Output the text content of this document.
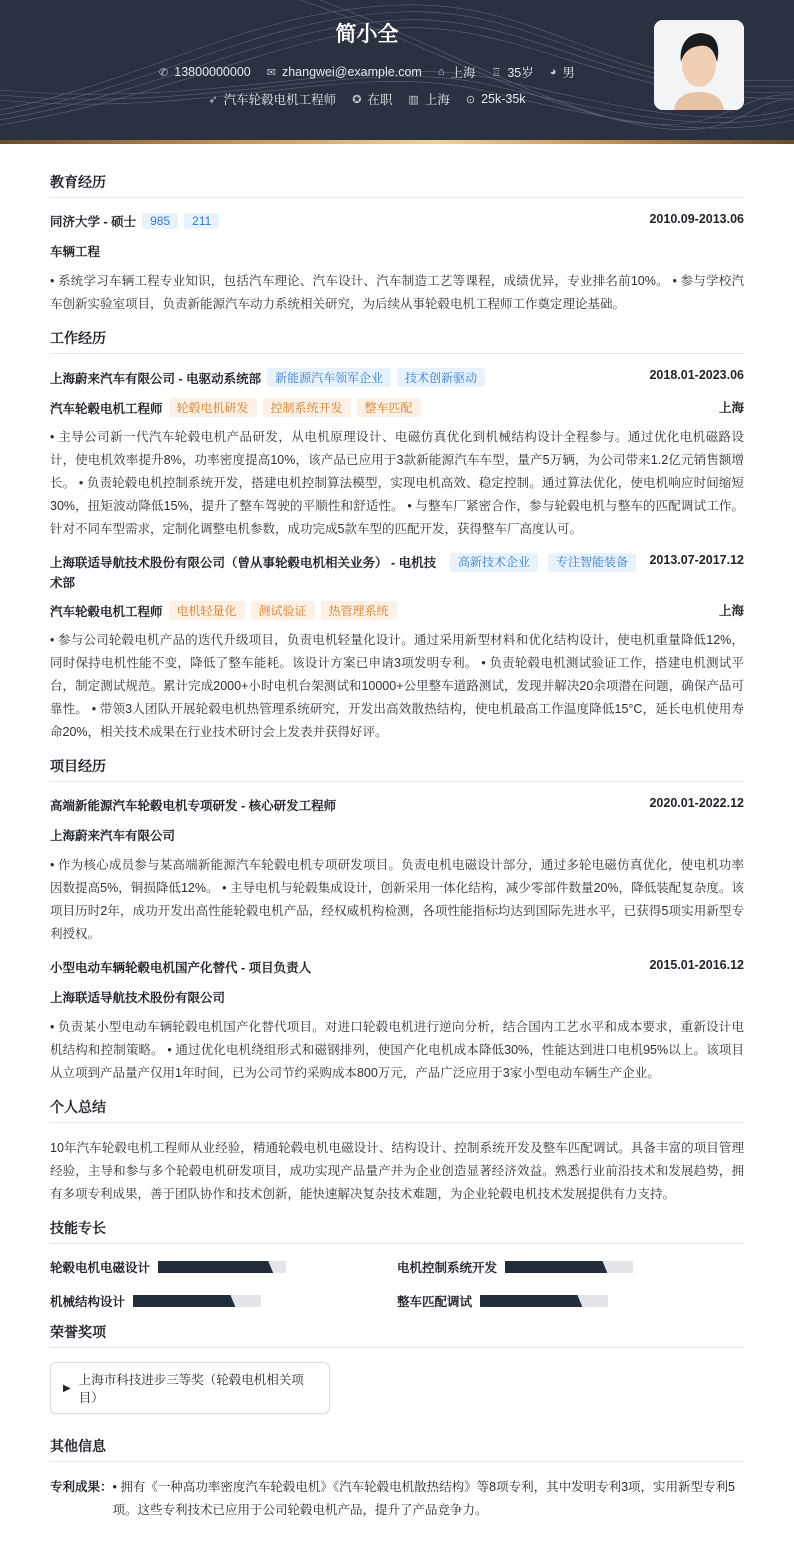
简小全
✆ 13800000000 ✉ zhangwei@example.com ⌂ 上海 ♖ 35岁 ◕ 男
➶ 汽车轮毂电机工程师 ✪ 在职 ▥ 上海 ⊙ 25k-35k
教育经历
同济大学 - 硕士	985	211	2010.09-2013.06
车辆工程
• 系统学习车辆工程专业知识，包括汽车理论、汽车设计、汽车制造工艺等课程，成绩优异，专业排名前10%。 • 参与学校汽车创新实验室项目，负责新能源汽车动力系统相关研究，为后续从事轮毂电机工程师工作奠定理论基础。
工作经历
上海蔚来汽车有限公司 - 电驱动系统部	新能源汽车领军企业	技术创新驱动	2018.01-2023.06
汽车轮毂电机工程师	轮毂电机研发	控制系统开发	整车匹配	上海
• 主导公司新一代汽车轮毂电机产品研发，从电机原理设计、电磁仿真优化到机械结构设计全程参与。通过优化电机磁路设计，使电机效率提升8%，功率密度提高10%，该产品已应用于3款新能源汽车车型，量产5万辆，为公司带来1.2亿元销售额增长。 • 负责轮毂电机控制系统开发，搭建电机控制算法模型，实现电机高效、稳定控制。通过算法优化，使电机响应时间缩短30%，扭矩波动降低15%，提升了整车驾驶的平顺性和舒适性。 • 与整车厂紧密合作，参与轮毂电机与整车的匹配调试工作。针对不同车型需求，定制化调整电机参数，成功完成5款车型的匹配开发，获得整车厂高度认可。
上海联适导航技术股份有限公司（曾从事轮毂电机相关业务） - 电机技术部
高新技术企业	专注智能装备	2013.07-2017.12
汽车轮毂电机工程师	电机轻量化	测试验证	热管理系统	上海
• 参与公司轮毂电机产品的迭代升级项目，负责电机轻量化设计。通过采用新型材料和优化结构设计，使电机重量降低12%，同时保持电机性能不变，降低了整车能耗。该设计方案已申请3项发明专利。 • 负责轮毂电机测试验证工作，搭建电机测试平台，制定测试规范。累计完成2000+小时电机台架测试和10000+公里整车道路测试，发现并解决20余项潜在问题，确保产品可靠性。 • 带领3人团队开展轮毂电机热管理系统研究，开发出高效散热结构，使电机最高工作温度降低15°C，延长电机使用寿命20%，相关技术成果在行业技术研讨会上发表并获得好评。
项目经历
高端新能源汽车轮毂电机专项研发 - 核心研发工程师	2020.01-2022.12
上海蔚来汽车有限公司
• 作为核心成员参与某高端新能源汽车轮毂电机专项研发项目。负责电机电磁设计部分，通过多轮电磁仿真优化，使电机功率因数提高5%，铜损降低12%。 • 主导电机与轮毂集成设计，创新采用一体化结构，减少零部件数量20%，降低装配复杂度。该项目历时2年，成功开发出高性能轮毂电机产品，经权威机构检测，各项性能指标均达到国际先进水平，已获得5项实用新型专利授权。
小型电动车辆轮毂电机国产化替代 - 项目负责人	2015.01-2016.12
上海联适导航技术股份有限公司
• 负责某小型电动车辆轮毂电机国产化替代项目。对进口轮毂电机进行逆向分析，结合国内工艺水平和成本要求，重新设计电机结构和控制策略。 • 通过优化电机绕组形式和磁钢排列，使国产化电机成本降低30%，性能达到进口电机95%以上。该项目从立项到产品量产仅用1年时间，已为公司节约采购成本800万元，产品广泛应用于3家小型电动车辆生产企业。
个人总结
10年汽车轮毂电机工程师从业经验，精通轮毂电机电磁设计、结构设计、控制系统开发及整车匹配调试。具备丰富的项目管理经验，主导和参与多个轮毂电机研发项目，成功实现产品量产并为企业创造显著经济效益。熟悉行业前沿技术和发展趋势，拥有多项专利成果，善于团队协作和技术创新，能快速解决复杂技术难题，为企业轮毂电机技术发展提供有力支持。
技能专长
轮毂电机电磁设计	电机控制系统开发
机械结构设计	整车匹配调试
荣誉奖项
▶
上海市科技进步三等奖（轮毂电机相关项目）
其他信息
专利成果： • 拥有《一种高功率密度汽车轮毂电机》《汽车轮毂电机散热结构》等8项专利，其中发明专利3项，实用新型专利5项。这些专利技术已应用于公司轮毂电机产品，提升了产品竞争力。
